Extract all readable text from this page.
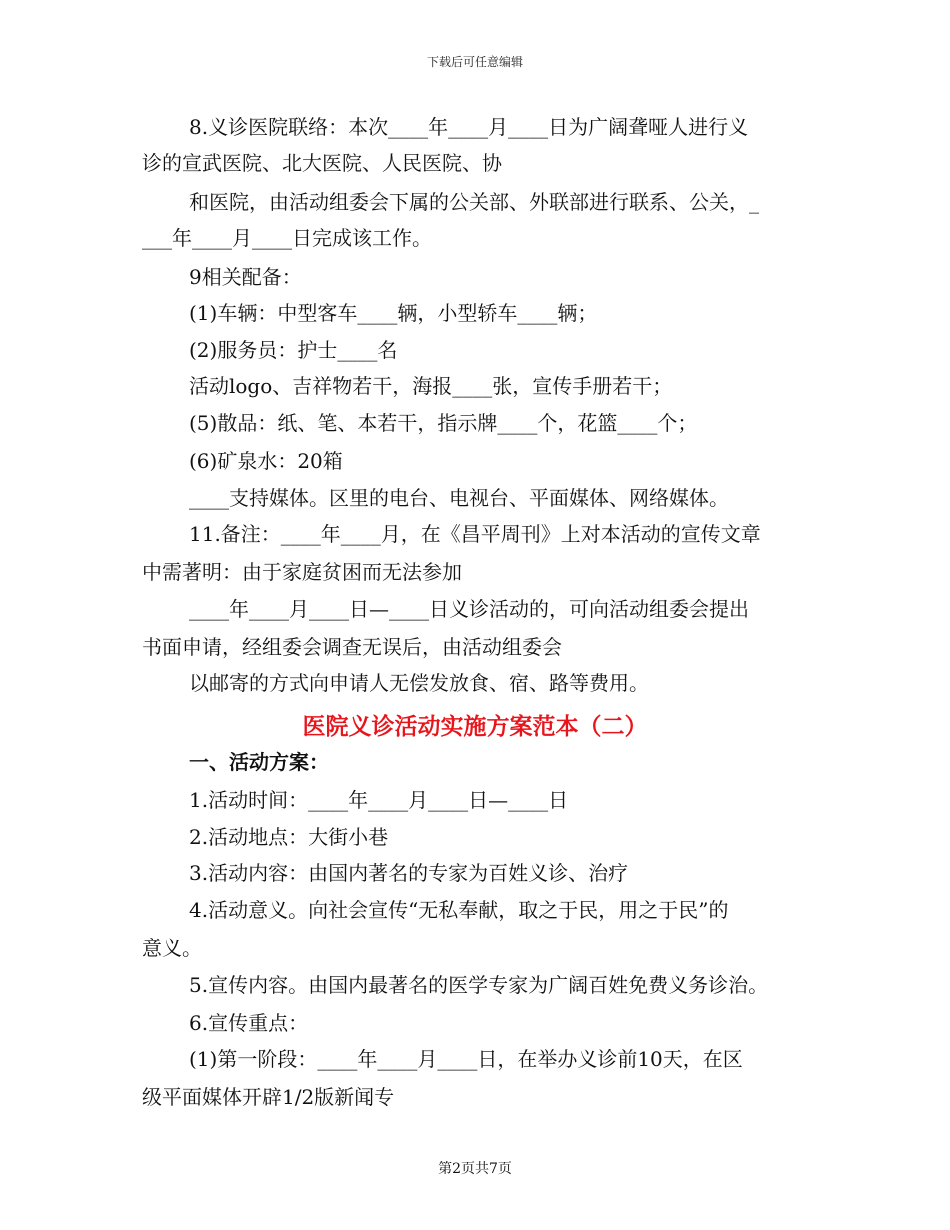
下载后可任意编辑
8.义诊医院联络：本次____年____月____日为广阔聋哑人进行义
诊的宣武医院、北大医院、人民医院、协
和医院，由活动组委会下属的公关部、外联部进行联系、公关，_
___年____月____日完成该工作。
9相关配备：
(1)车辆：中型客车____辆，小型轿车____辆；
(2)服务员：护士____名
活动logo、吉祥物若干，海报____张，宣传手册若干；
(5)散品：纸、笔、本若干，指示牌____个，花篮____个；
(6)矿泉水：20箱
____支持媒体。区里的电台、电视台、平面媒体、网络媒体。
11.备注：____年____月，在《昌平周刊》上对本活动的宣传文章
中需著明：由于家庭贫困而无法参加
____年____月____日—____日义诊活动的，可向活动组委会提出
书面申请，经组委会调查无误后，由活动组委会
以邮寄的方式向申请人无偿发放食、宿、路等费用。
医院义诊活动实施方案范本（二）
一、活动方案：
1.活动时间：____年____月____日—____日
2.活动地点：大街小巷
3.活动内容：由国内著名的专家为百姓义诊、治疗
4.活动意义。向社会宣传“无私奉献，取之于民，用之于民”的
意义。
5.宣传内容。由国内最著名的医学专家为广阔百姓免费义务诊治。
6.宣传重点：
(1)第一阶段：____年____月____日，在举办义诊前10天，在区
级平面媒体开辟1/2版新闻专
第2页共7页
